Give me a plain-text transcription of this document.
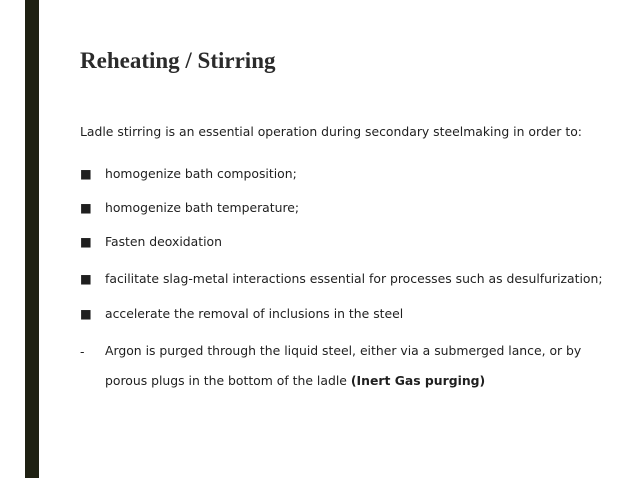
Reheating / Stirring

Ladle stirring is an essential operation during secondary steelmaking in order to:

■ homogenize bath composition;
■ homogenize bath temperature;
■ Fasten deoxidation
■ facilitate slag-metal interactions essential for processes such as desulfurization;
■ accelerate the removal of inclusions in the steel
- Argon is purged through the liquid steel, either via a submerged lance, or by porous plugs in the bottom of the ladle (Inert Gas purging)
